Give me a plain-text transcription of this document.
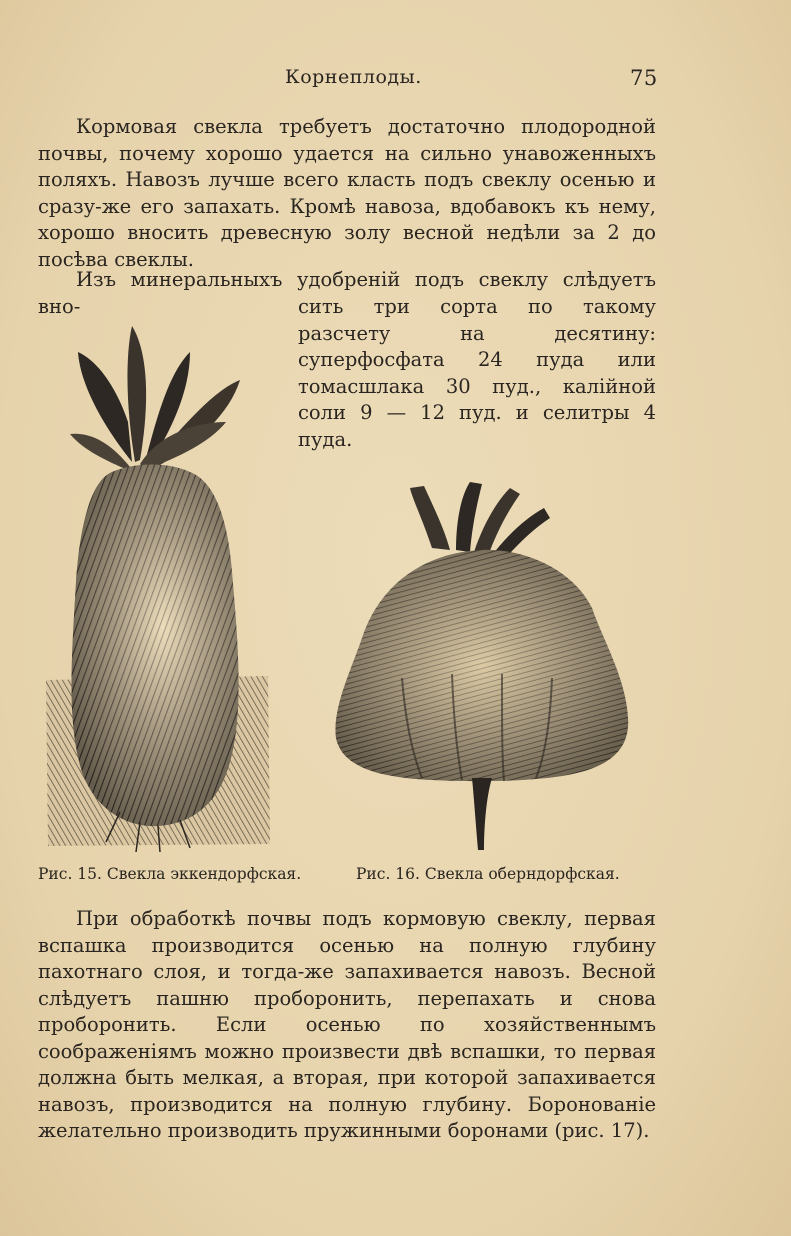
Корнеплоды.	75

Кормовая свекла требуетъ достаточно плодородной почвы, почему хорошо удается на сильно унавоженныхъ поляхъ. Навозъ лучше всего класть подъ свеклу осенью и сразу-же его запахать. Кромѣ навоза, вдобавокъ къ нему, хорошо вносить древесную золу весной недѣли за 2 до посѣва свеклы.

Изъ минеральныхъ удобреній подъ свеклу слѣдуетъ вно-	сить три сорта по такому разсчету на десятину: суперфосфата 24 пуда или томасшлака 30 пуд., калійной соли 9 — 12 пуд. и селитры 4 пуда.

Рис. 15. Свекла эккендорфская.	Рис. 16. Свекла оберндорфская.

При обработкѣ почвы подъ кормовую свеклу, первая вспашка производится осенью на полную глубину пахотнаго слоя, и тогда-же запахивается навозъ. Весной слѣдуетъ пашню проборонить, перепахать и снова проборонить. Если осенью по хозяйственнымъ соображеніямъ можно произвести двѣ вспашки, то первая должна быть мелкая, а вторая, при которой запахивается навозъ, производится на полную глубину. Боронованіе желательно производить пружинными боронами (рис. 17).
